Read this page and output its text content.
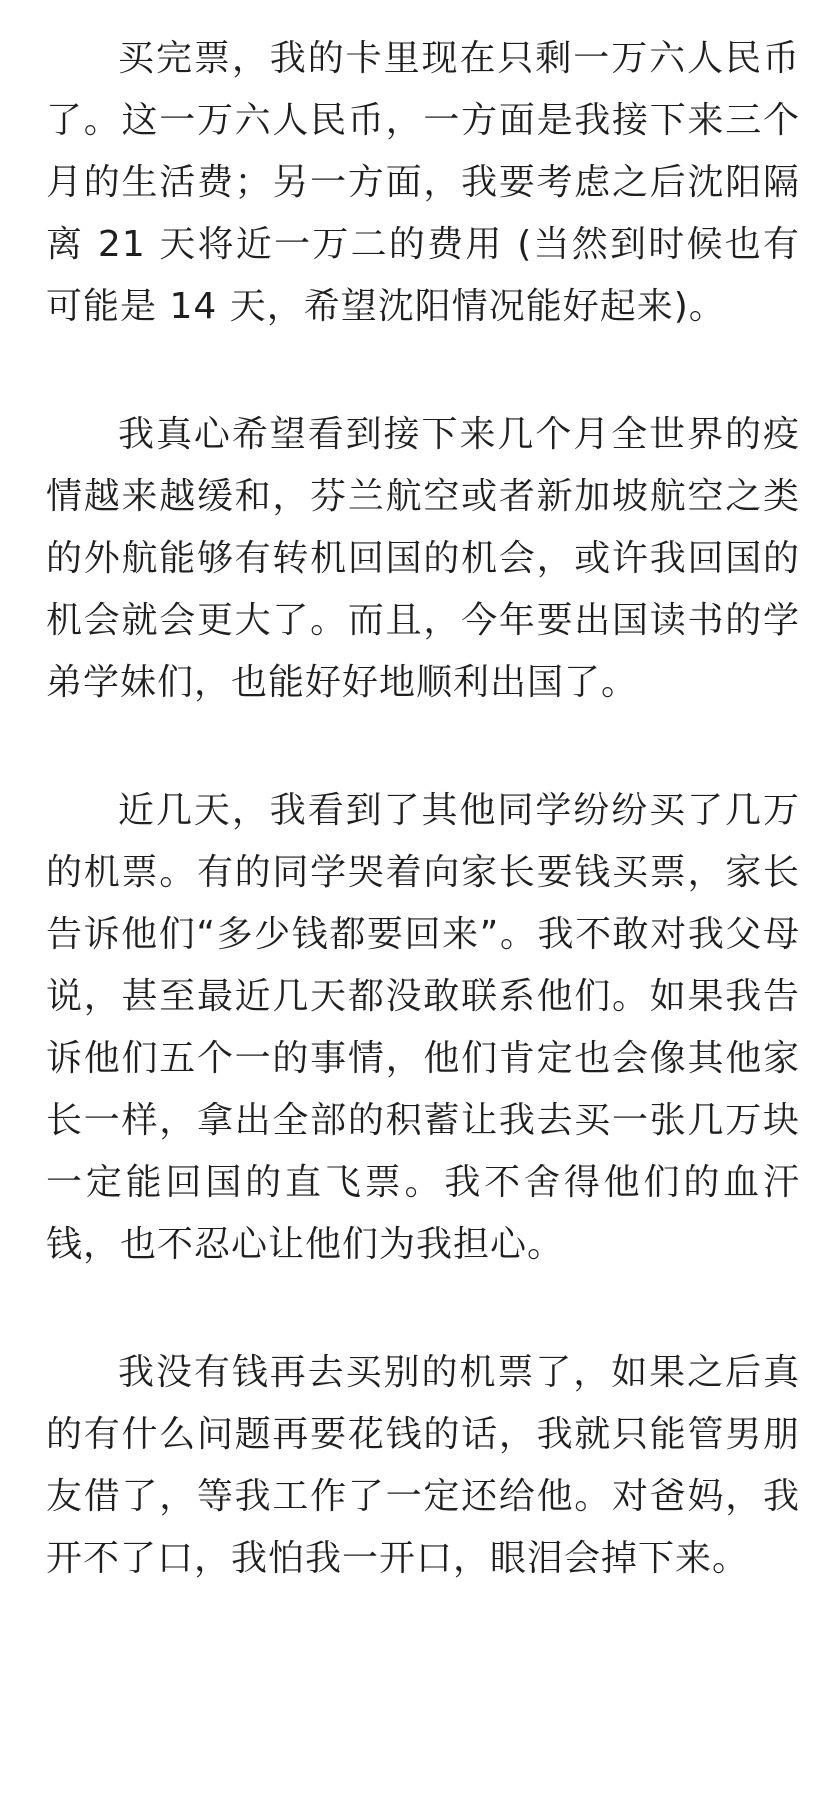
买完票，我的卡里现在只剩一万六人民币了。这一万六人民币，一方面是我接下来三个月的生活费；另一方面，我要考虑之后沈阳隔离 21 天将近一万二的费用 (当然到时候也有可能是 14 天，希望沈阳情况能好起来)。

我真心希望看到接下来几个月全世界的疫情越来越缓和，芬兰航空或者新加坡航空之类的外航能够有转机回国的机会，或许我回国的机会就会更大了。而且，今年要出国读书的学弟学妹们，也能好好地顺利出国了。

近几天，我看到了其他同学纷纷买了几万的机票。有的同学哭着向家长要钱买票，家长告诉他们“多少钱都要回来”。我不敢对我父母说，甚至最近几天都没敢联系他们。如果我告诉他们五个一的事情，他们肯定也会像其他家长一样，拿出全部的积蓄让我去买一张几万块一定能回国的直飞票。我不舍得他们的血汗钱，也不忍心让他们为我担心。

我没有钱再去买别的机票了，如果之后真的有什么问题再要花钱的话，我就只能管男朋友借了，等我工作了一定还给他。对爸妈，我开不了口，我怕我一开口，眼泪会掉下来。
